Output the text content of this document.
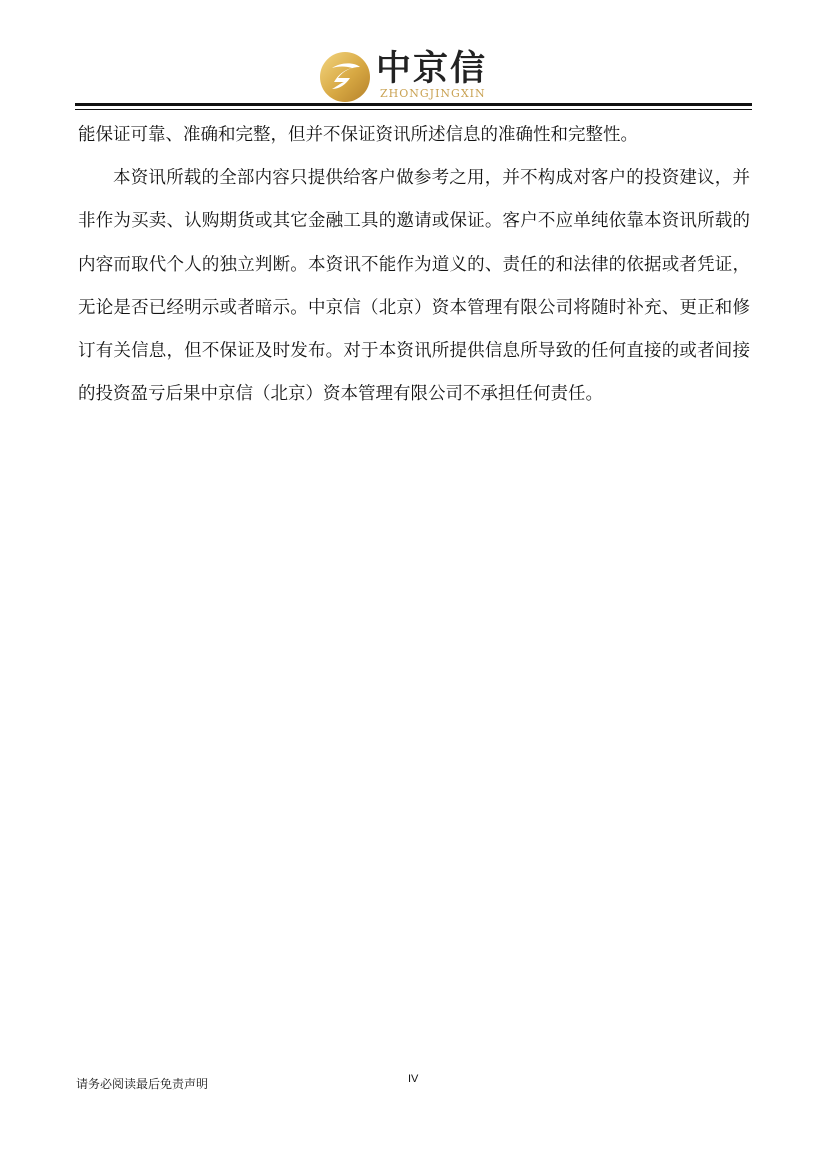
中京信
ZHONGJINGXIN

能保证可靠、准确和完整，但并不保证资讯所述信息的准确性和完整性。

本资讯所载的全部内容只提供给客户做参考之用，并不构成对客户的投资建议，并非作为买卖、认购期货或其它金融工具的邀请或保证。客户不应单纯依靠本资讯所载的内容而取代个人的独立判断。本资讯不能作为道义的、责任的和法律的依据或者凭证，无论是否已经明示或者暗示。中京信（北京）资本管理有限公司将随时补充、更正和修订有关信息，但不保证及时发布。对于本资讯所提供信息所导致的任何直接的或者间接的投资盈亏后果中京信（北京）资本管理有限公司不承担任何责任。

请务必阅读最后免责声明	IV
